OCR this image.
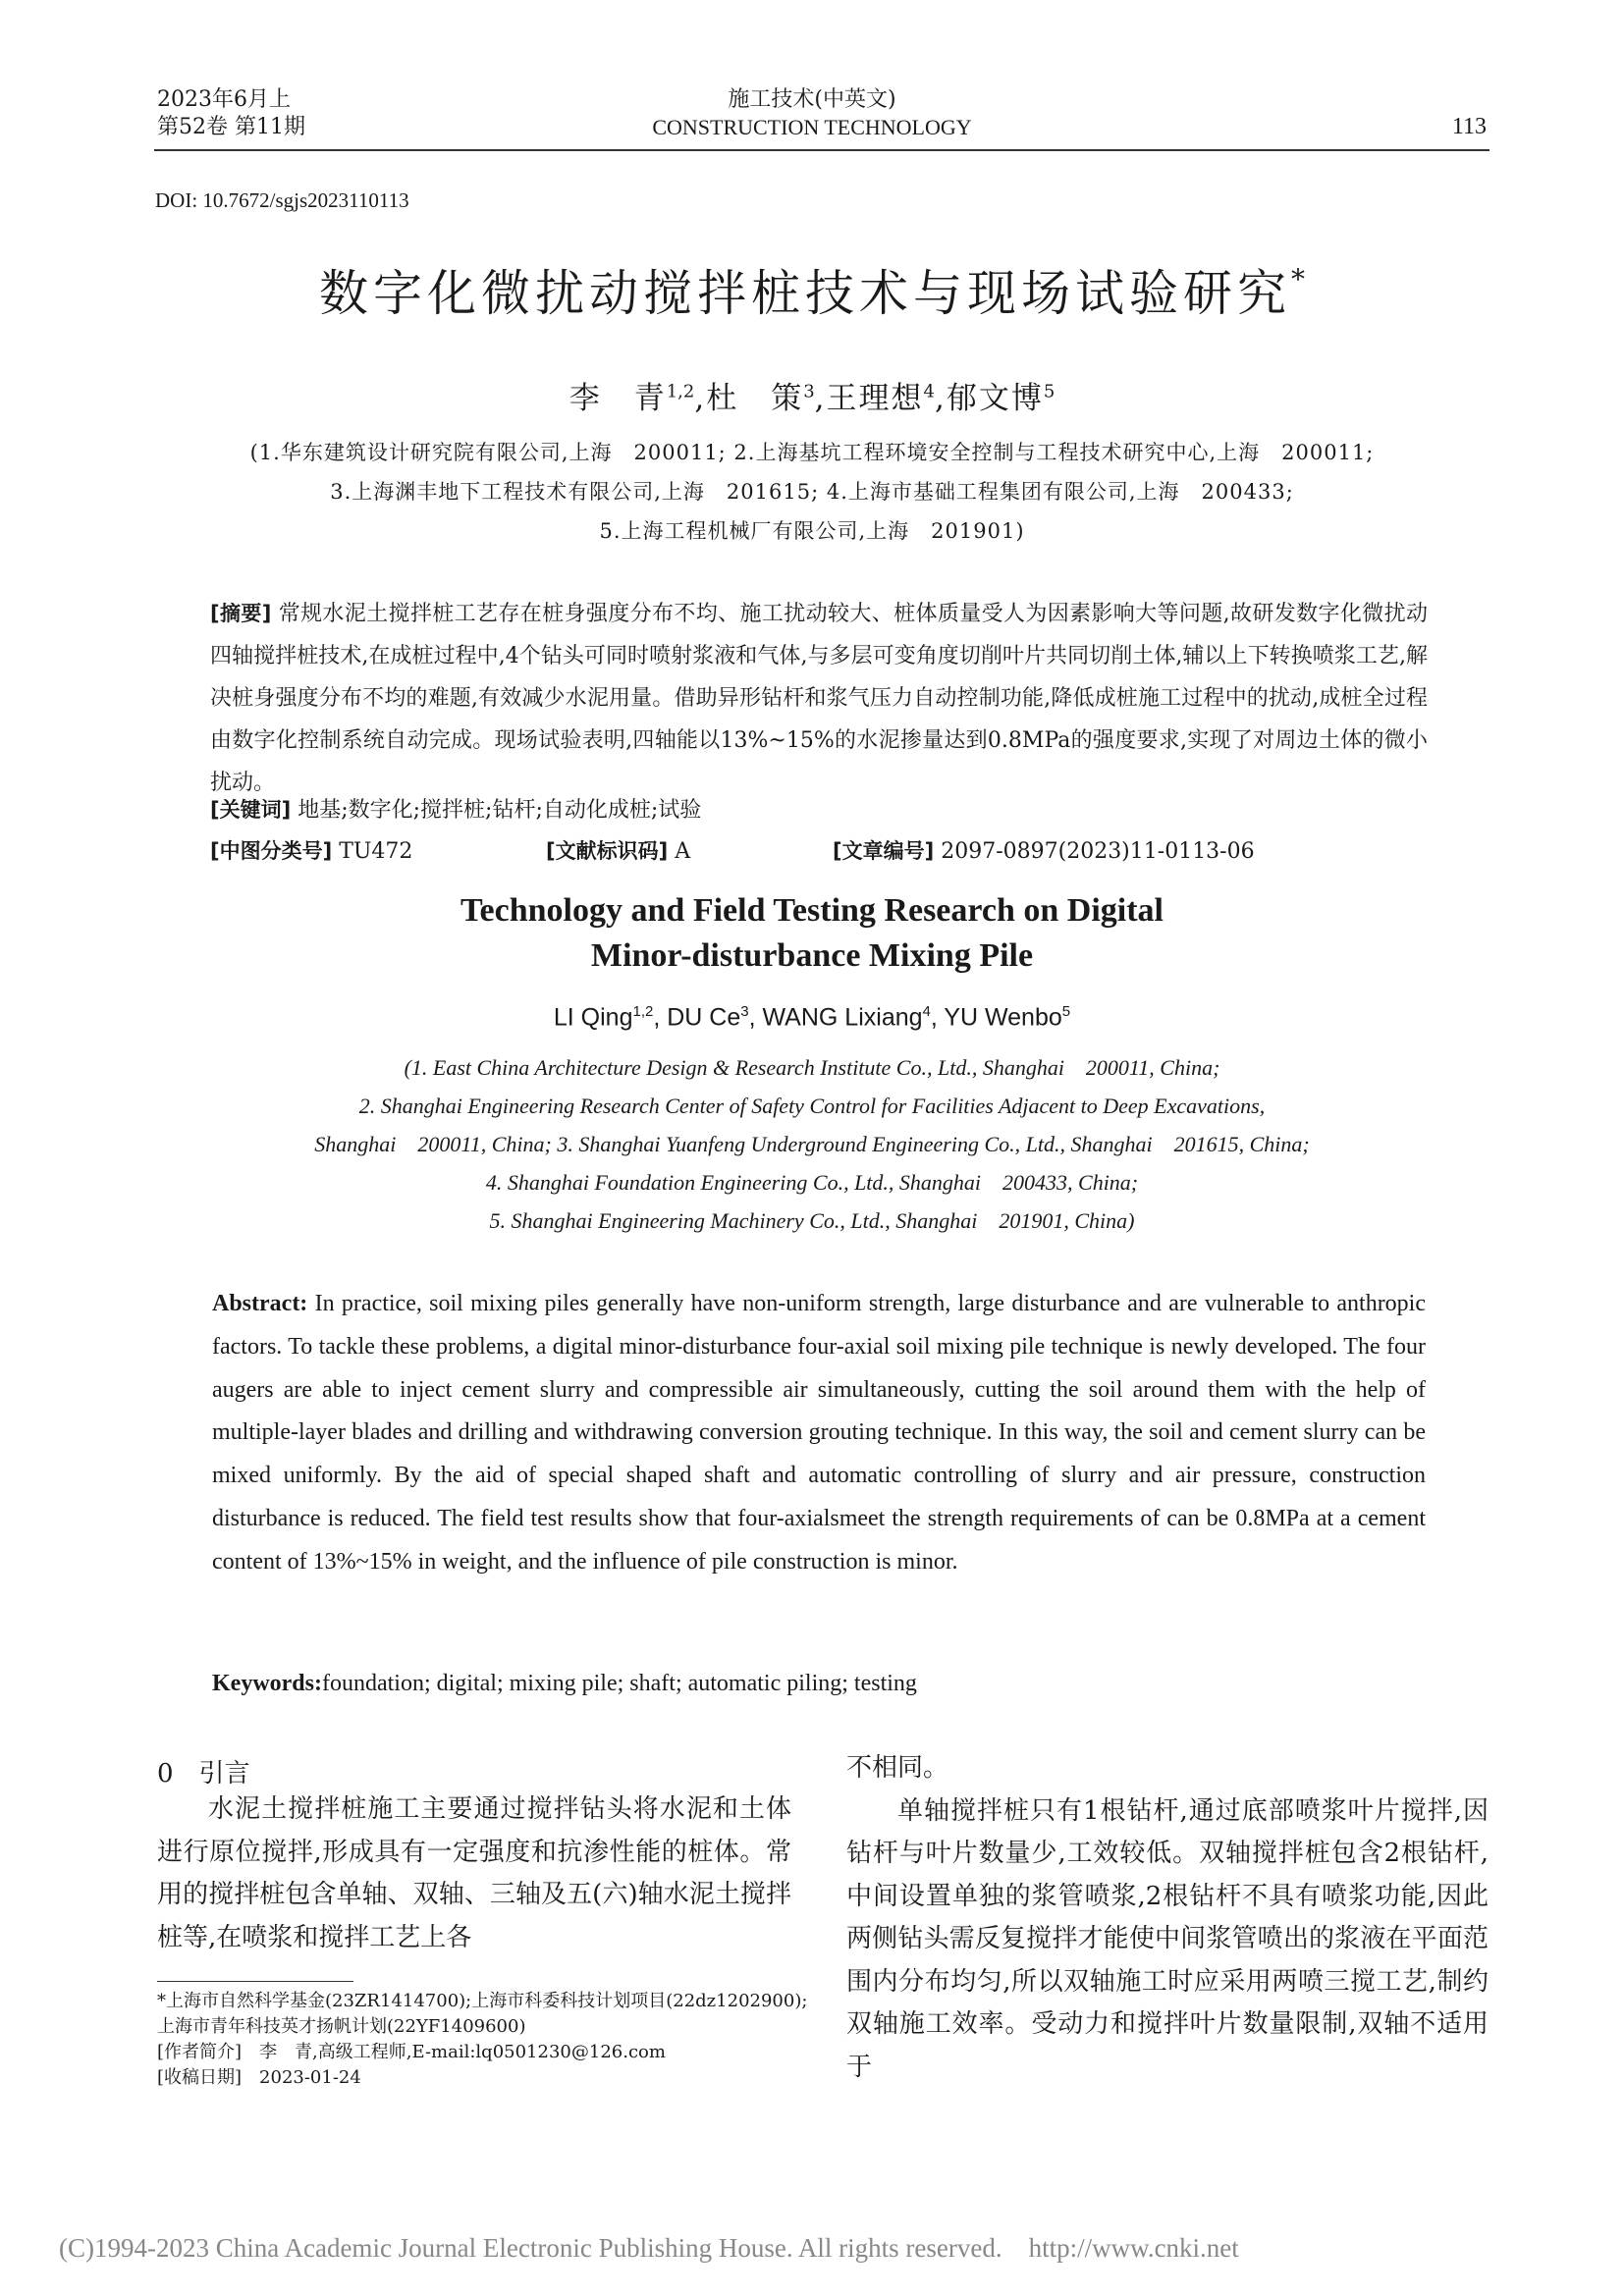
2023年6月上
第52卷 第11期
施工技术(中英文)
CONSTRUCTION TECHNOLOGY	113
DOI: 10.7672/sgjs2023110113
数字化微扰动搅拌桩技术与现场试验研究*
李　青$^{1,2}$,杜　策$^3$,王理想$^4$,郁文博$^5$
(1.华东建筑设计研究院有限公司,上海　200011; 2.上海基坑工程环境安全控制与工程技术研究中心,上海　200011;
3.上海渊丰地下工程技术有限公司,上海　201615; 4.上海市基础工程集团有限公司,上海　200433;
5.上海工程机械厂有限公司,上海　201901)
[摘要] 常规水泥土搅拌桩工艺存在桩身强度分布不均、施工扰动较大、桩体质量受人为因素影响大等问题,故研发数字化微扰动四轴搅拌桩技术,在成桩过程中,4个钻头可同时喷射浆液和气体,与多层可变角度切削叶片共同切削土体,辅以上下转换喷浆工艺,解决桩身强度分布不均的难题,有效减少水泥用量。借助异形钻杆和浆气压力自动控制功能,降低成桩施工过程中的扰动,成桩全过程由数字化控制系统自动完成。现场试验表明,四轴能以13%~15%的水泥掺量达到0.8MPa的强度要求,实现了对周边土体的微小扰动。
[关键词] 地基;数字化;搅拌桩;钻杆;自动化成桩;试验
[中图分类号] TU472	[文献标识码] A	[文章编号] 2097-0897(2023)11-0113-06
Technology and Field Testing Research on Digital
Minor-disturbance Mixing Pile
LI Qing$^{1,2}$, DU Ce$^3$, WANG Lixiang$^4$, YU Wenbo$^5$
(1. East China Architecture Design & Research Institute Co., Ltd., Shanghai　200011, China;
2. Shanghai Engineering Research Center of Safety Control for Facilities Adjacent to Deep Excavations,
Shanghai　200011, China; 3. Shanghai Yuanfeng Underground Engineering Co., Ltd., Shanghai　201615, China;
4. Shanghai Foundation Engineering Co., Ltd., Shanghai　200433, China;
5. Shanghai Engineering Machinery Co., Ltd., Shanghai　201901, China)
Abstract: In practice, soil mixing piles generally have non-uniform strength, large disturbance and are vulnerable to anthropic factors. To tackle these problems, a digital minor-disturbance four-axial soil mixing pile technique is newly developed. The four augers are able to inject cement slurry and compressible air simultaneously, cutting the soil around them with the help of multiple-layer blades and drilling and withdrawing conversion grouting technique. In this way, the soil and cement slurry can be mixed uniformly. By the aid of special shaped shaft and automatic controlling of slurry and air pressure, construction disturbance is reduced. The field test results show that four-axialsmeet the strength requirements of can be 0.8MPa at a cement content of 13%~15% in weight, and the influence of pile construction is minor.
Keywords:foundation; digital; mixing pile; shaft; automatic piling; testing
0　引言
水泥土搅拌桩施工主要通过搅拌钻头将水泥和土体进行原位搅拌,形成具有一定强度和抗渗性能的桩体。常用的搅拌桩包含单轴、双轴、三轴及五(六)轴水泥土搅拌桩等,在喷浆和搅拌工艺上各
不相同。
单轴搅拌桩只有1根钻杆,通过底部喷浆叶片搅拌,因钻杆与叶片数量少,工效较低。双轴搅拌桩包含2根钻杆,中间设置单独的浆管喷浆,2根钻杆不具有喷浆功能,因此两侧钻头需反复搅拌才能使中间浆管喷出的浆液在平面范围内分布均匀,所以双轴施工时应采用两喷三搅工艺,制约双轴施工效率。受动力和搅拌叶片数量限制,双轴不适用于
*上海市自然科学基金(23ZR1414700);上海市科委科技计划项目(22dz1202900);上海市青年科技英才扬帆计划(22YF1409600)
[作者简介]　李　青,高级工程师,E-mail:lq0501230@126.com
[收稿日期]　2023-01-24
(C)1994-2023 China Academic Journal Electronic Publishing House. All rights reserved.　http://www.cnki.net
